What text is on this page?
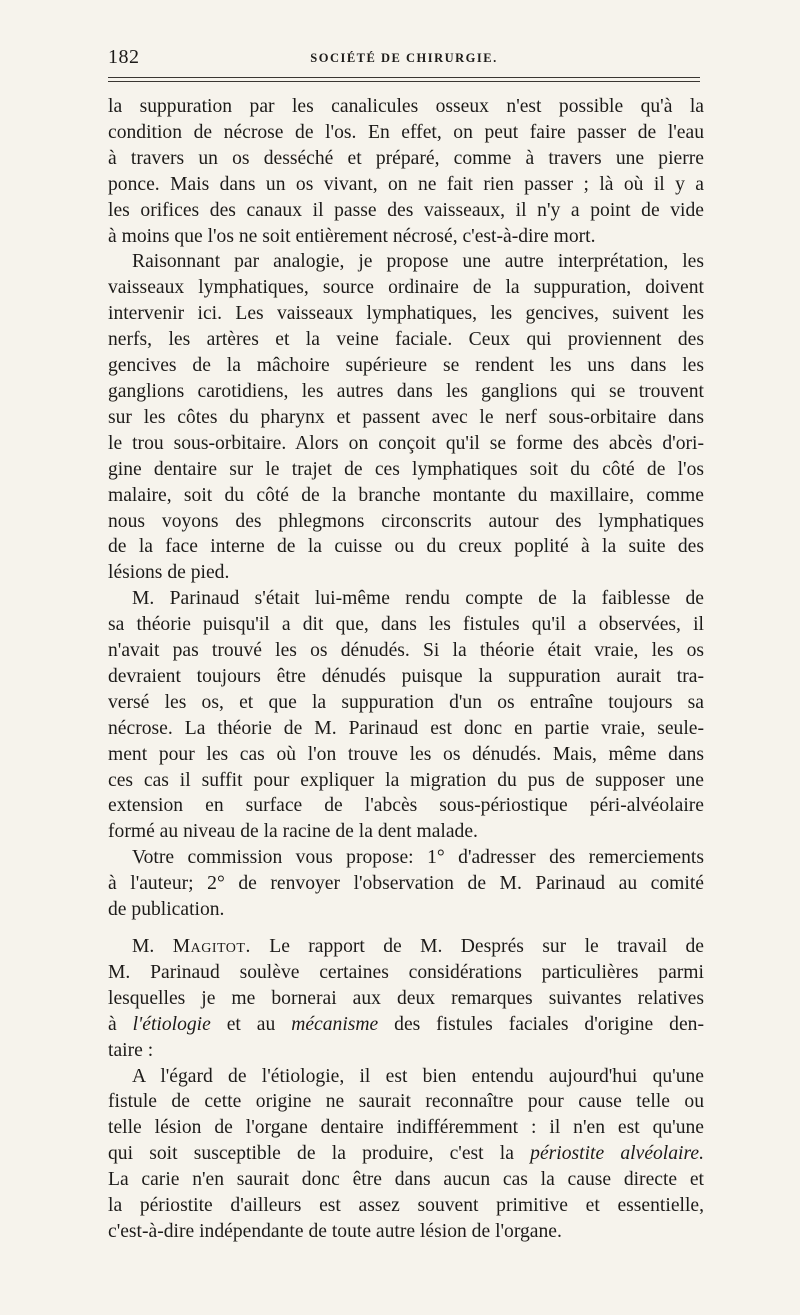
182	SOCIÉTÉ DE CHIRURGIE.
la suppuration par les canalicules osseux n'est possible qu'à la
condition de nécrose de l'os. En effet, on peut faire passer de l'eau
à travers un os desséché et préparé, comme à travers une pierre
ponce. Mais dans un os vivant, on ne fait rien passer ; là où il y a
les orifices des canaux il passe des vaisseaux, il n'y a point de vide
à moins que l'os ne soit entièrement nécrosé, c'est-à-dire mort.
Raisonnant par analogie, je propose une autre interprétation, les
vaisseaux lymphatiques, source ordinaire de la suppuration, doivent
intervenir ici. Les vaisseaux lymphatiques, les gencives, suivent les
nerfs, les artères et la veine faciale. Ceux qui proviennent des
gencives de la mâchoire supérieure se rendent les uns dans les
ganglions carotidiens, les autres dans les ganglions qui se trouvent
sur les côtes du pharynx et passent avec le nerf sous-orbitaire dans
le trou sous-orbitaire. Alors on conçoit qu'il se forme des abcès d'ori-
gine dentaire sur le trajet de ces lymphatiques soit du côté de l'os
malaire, soit du côté de la branche montante du maxillaire, comme
nous voyons des phlegmons circonscrits autour des lymphatiques
de la face interne de la cuisse ou du creux poplité à la suite des
lésions de pied.
M. Parinaud s'était lui-même rendu compte de la faiblesse de
sa théorie puisqu'il a dit que, dans les fistules qu'il a observées, il
n'avait pas trouvé les os dénudés. Si la théorie était vraie, les os
devraient toujours être dénudés puisque la suppuration aurait tra-
versé les os, et que la suppuration d'un os entraîne toujours sa
nécrose. La théorie de M. Parinaud est donc en partie vraie, seule-
ment pour les cas où l'on trouve les os dénudés. Mais, même dans
ces cas il suffit pour expliquer la migration du pus de supposer une
extension en surface de l'abcès sous-périostique péri-alvéolaire
formé au niveau de la racine de la dent malade.
Votre commission vous propose: 1° d'adresser des remerciements
à l'auteur; 2° de renvoyer l'observation de M. Parinaud au comité
de publication.
M. Magitot. Le rapport de M. Després sur le travail de
M. Parinaud soulève certaines considérations particulières parmi
lesquelles je me bornerai aux deux remarques suivantes relatives
à l'étiologie et au mécanisme des fistules faciales d'origine den-
taire :
A l'égard de l'étiologie, il est bien entendu aujourd'hui qu'une
fistule de cette origine ne saurait reconnaître pour cause telle ou
telle lésion de l'organe dentaire indifféremment : il n'en est qu'une
qui soit susceptible de la produire, c'est la périostite alvéolaire.
La carie n'en saurait donc être dans aucun cas la cause directe et
la périostite d'ailleurs est assez souvent primitive et essentielle,
c'est-à-dire indépendante de toute autre lésion de l'organe.
